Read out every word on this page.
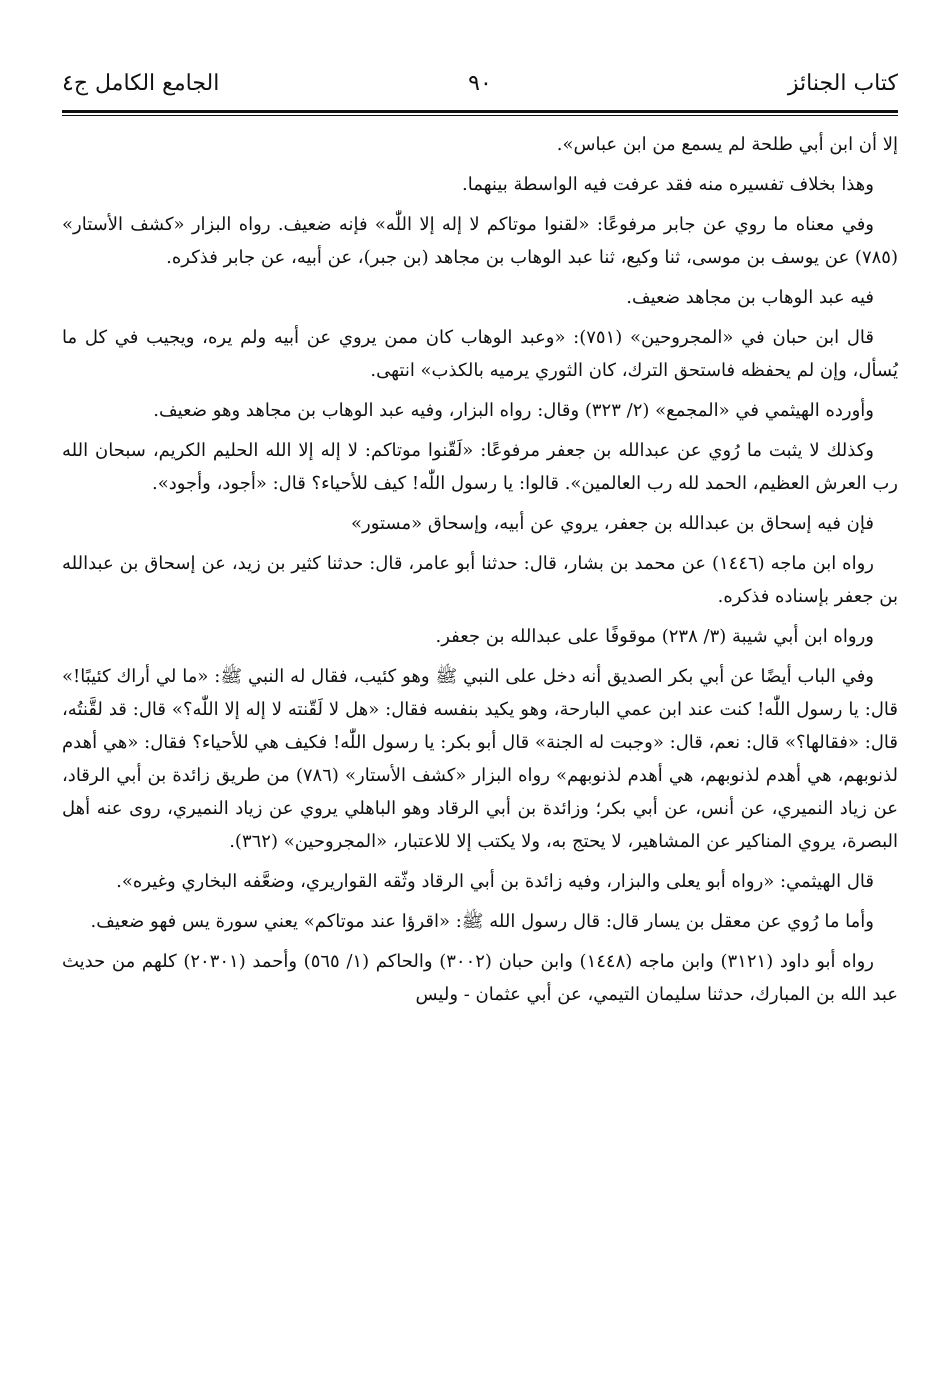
كتاب الجنائز
٩٠
الجامع الكامل ج٤

إلا أن ابن أبي طلحة لم يسمع من ابن عباس».

وهذا بخلاف تفسيره منه فقد عرفت فيه الواسطة بينهما.

وفي معناه ما روي عن جابر مرفوعًا: «لقنوا موتاكم لا إله إلا اللّٰه» فإنه ضعيف. رواه البزار «كشف الأستار» (٧٨٥) عن يوسف بن موسى، ثنا وكيع، ثنا عبد الوهاب بن مجاهد (بن جبر)، عن أبيه، عن جابر فذكره.

فيه عبد الوهاب بن مجاهد ضعيف.

قال ابن حبان في «المجروحين» (٧٥١): «وعبد الوهاب كان ممن يروي عن أبيه ولم يره، ويجيب في كل ما يُسأل، وإن لم يحفظه فاستحق الترك، كان الثوري يرميه بالكذب» انتهى.

وأورده الهيثمي في «المجمع» (٢/ ٣٢٣) وقال: رواه البزار، وفيه عبد الوهاب بن مجاهد وهو ضعيف.

وكذلك لا يثبت ما رُوي عن عبدالله بن جعفر مرفوعًا: «لَقّنوا موتاكم: لا إله إلا الله الحليم الكريم، سبحان الله رب العرش العظيم، الحمد لله رب العالمين». قالوا: يا رسول اللّٰه! كيف للأحياء؟ قال: «أجود، وأجود».

فإن فيه إسحاق بن عبدالله بن جعفر، يروي عن أبيه، وإسحاق «مستور»

رواه ابن ماجه (١٤٤٦) عن محمد بن بشار، قال: حدثنا أبو عامر، قال: حدثنا كثير بن زيد، عن إسحاق بن عبدالله بن جعفر بإسناده فذكره.

ورواه ابن أبي شيبة (٣/ ٢٣٨) موقوفًا على عبدالله بن جعفر.

وفي الباب أيضًا عن أبي بكر الصديق أنه دخل على النبي ﷺ وهو كئيب، فقال له النبي ﷺ: «ما لي أراك كئيبًا!» قال: يا رسول اللّٰه! كنت عند ابن عمي البارحة، وهو يكيد بنفسه فقال: «هل لا لَقّنته لا إله إلا اللّٰه؟» قال: قد لقَّنتُه، قال: «فقالها؟» قال: نعم، قال: «وجبت له الجنة» قال أبو بكر: يا رسول اللّٰه! فكيف هي للأحياء؟ فقال: «هي أهدم لذنوبهم، هي أهدم لذنوبهم، هي أهدم لذنوبهم» رواه البزار «كشف الأستار» (٧٨٦) من طريق زائدة بن أبي الرقاد، عن زياد النميري، عن أنس، عن أبي بكر؛ وزائدة بن أبي الرقاد وهو الباهلي يروي عن زياد النميري، روى عنه أهل البصرة، يروي المناكير عن المشاهير، لا يحتج به، ولا يكتب إلا للاعتبار، «المجروحين» (٣٦٢).

قال الهيثمي: «رواه أبو يعلى والبزار، وفيه زائدة بن أبي الرقاد وثّقه القواريري، وضعَّفه البخاري وغيره».

وأما ما رُوي عن معقل بن يسار قال: قال رسول الله ﷺ: «اقرؤا عند موتاكم» يعني سورة يس فهو ضعيف.

رواه أبو داود (٣١٢١) وابن ماجه (١٤٤٨) وابن حبان (٣٠٠٢) والحاكم (١/ ٥٦٥) وأحمد (٢٠٣٠١) كلهم من حديث عبد الله بن المبارك، حدثنا سليمان التيمي، عن أبي عثمان - وليس
